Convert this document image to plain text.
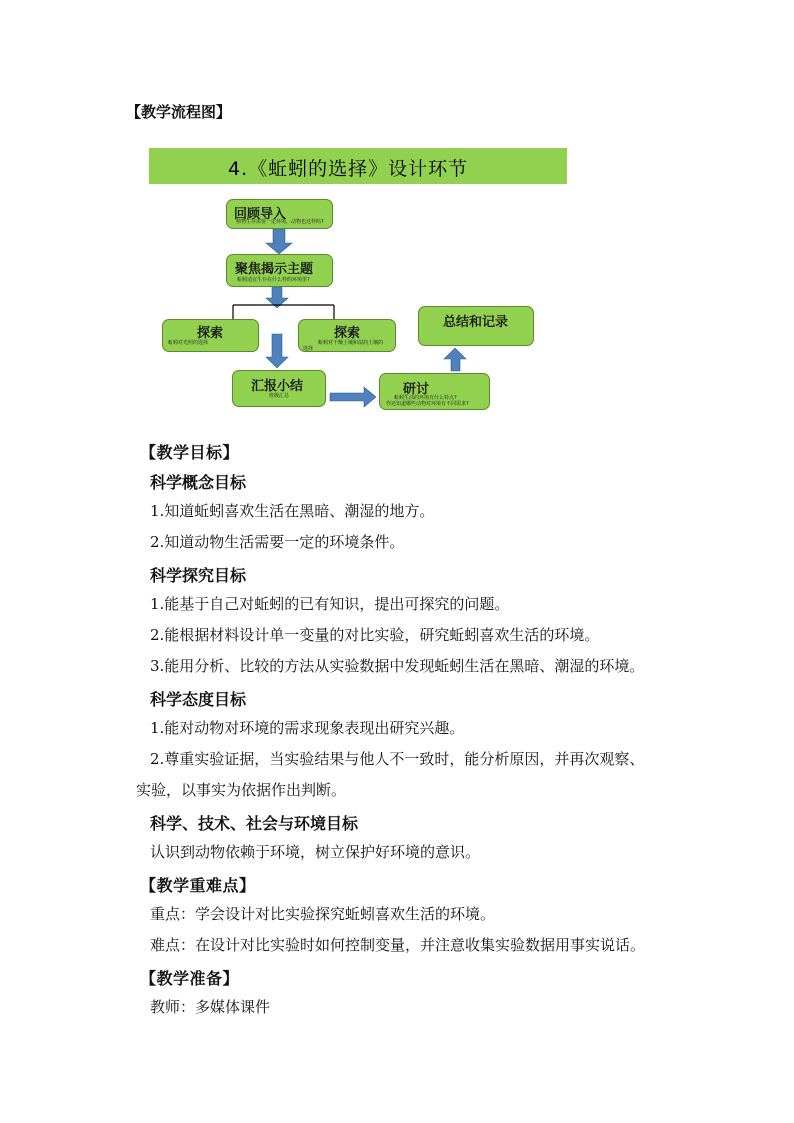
【教学流程图】
4.《蚯蚓的选择》设计环节
回顾导入
植物生存需要一定环境，动物也这样吗?
聚焦揭示主题
蚯蚓适宜生存在什么样的环境里?
探索
蚯蚓对光照的选择
探索
蚯蚓对干燥土壤和湿润土壤的
选择
总结和记录
汇报小结
班级汇总	研讨
蚯蚓生活的环境有什么特点?
你还知道哪些动物对环境有不同需求?
【教学目标】
科学概念目标
1.知道蚯蚓喜欢生活在黑暗、潮湿的地方。
2.知道动物生活需要一定的环境条件。
科学探究目标
1.能基于自己对蚯蚓的已有知识，提出可探究的问题。
2.能根据材料设计单一变量的对比实验，研究蚯蚓喜欢生活的环境。
3.能用分析、比较的方法从实验数据中发现蚯蚓生活在黑暗、潮湿的环境。
科学态度目标
1.能对动物对环境的需求现象表现出研究兴趣。
2.尊重实验证据，当实验结果与他人不一致时，能分析原因，并再次观察、
实验，以事实为依据作出判断。
科学、技术、社会与环境目标
认识到动物依赖于环境，树立保护好环境的意识。
【教学重难点】
重点：学会设计对比实验探究蚯蚓喜欢生活的环境。
难点：在设计对比实验时如何控制变量，并注意收集实验数据用事实说话。
【教学准备】
教师：多媒体课件
